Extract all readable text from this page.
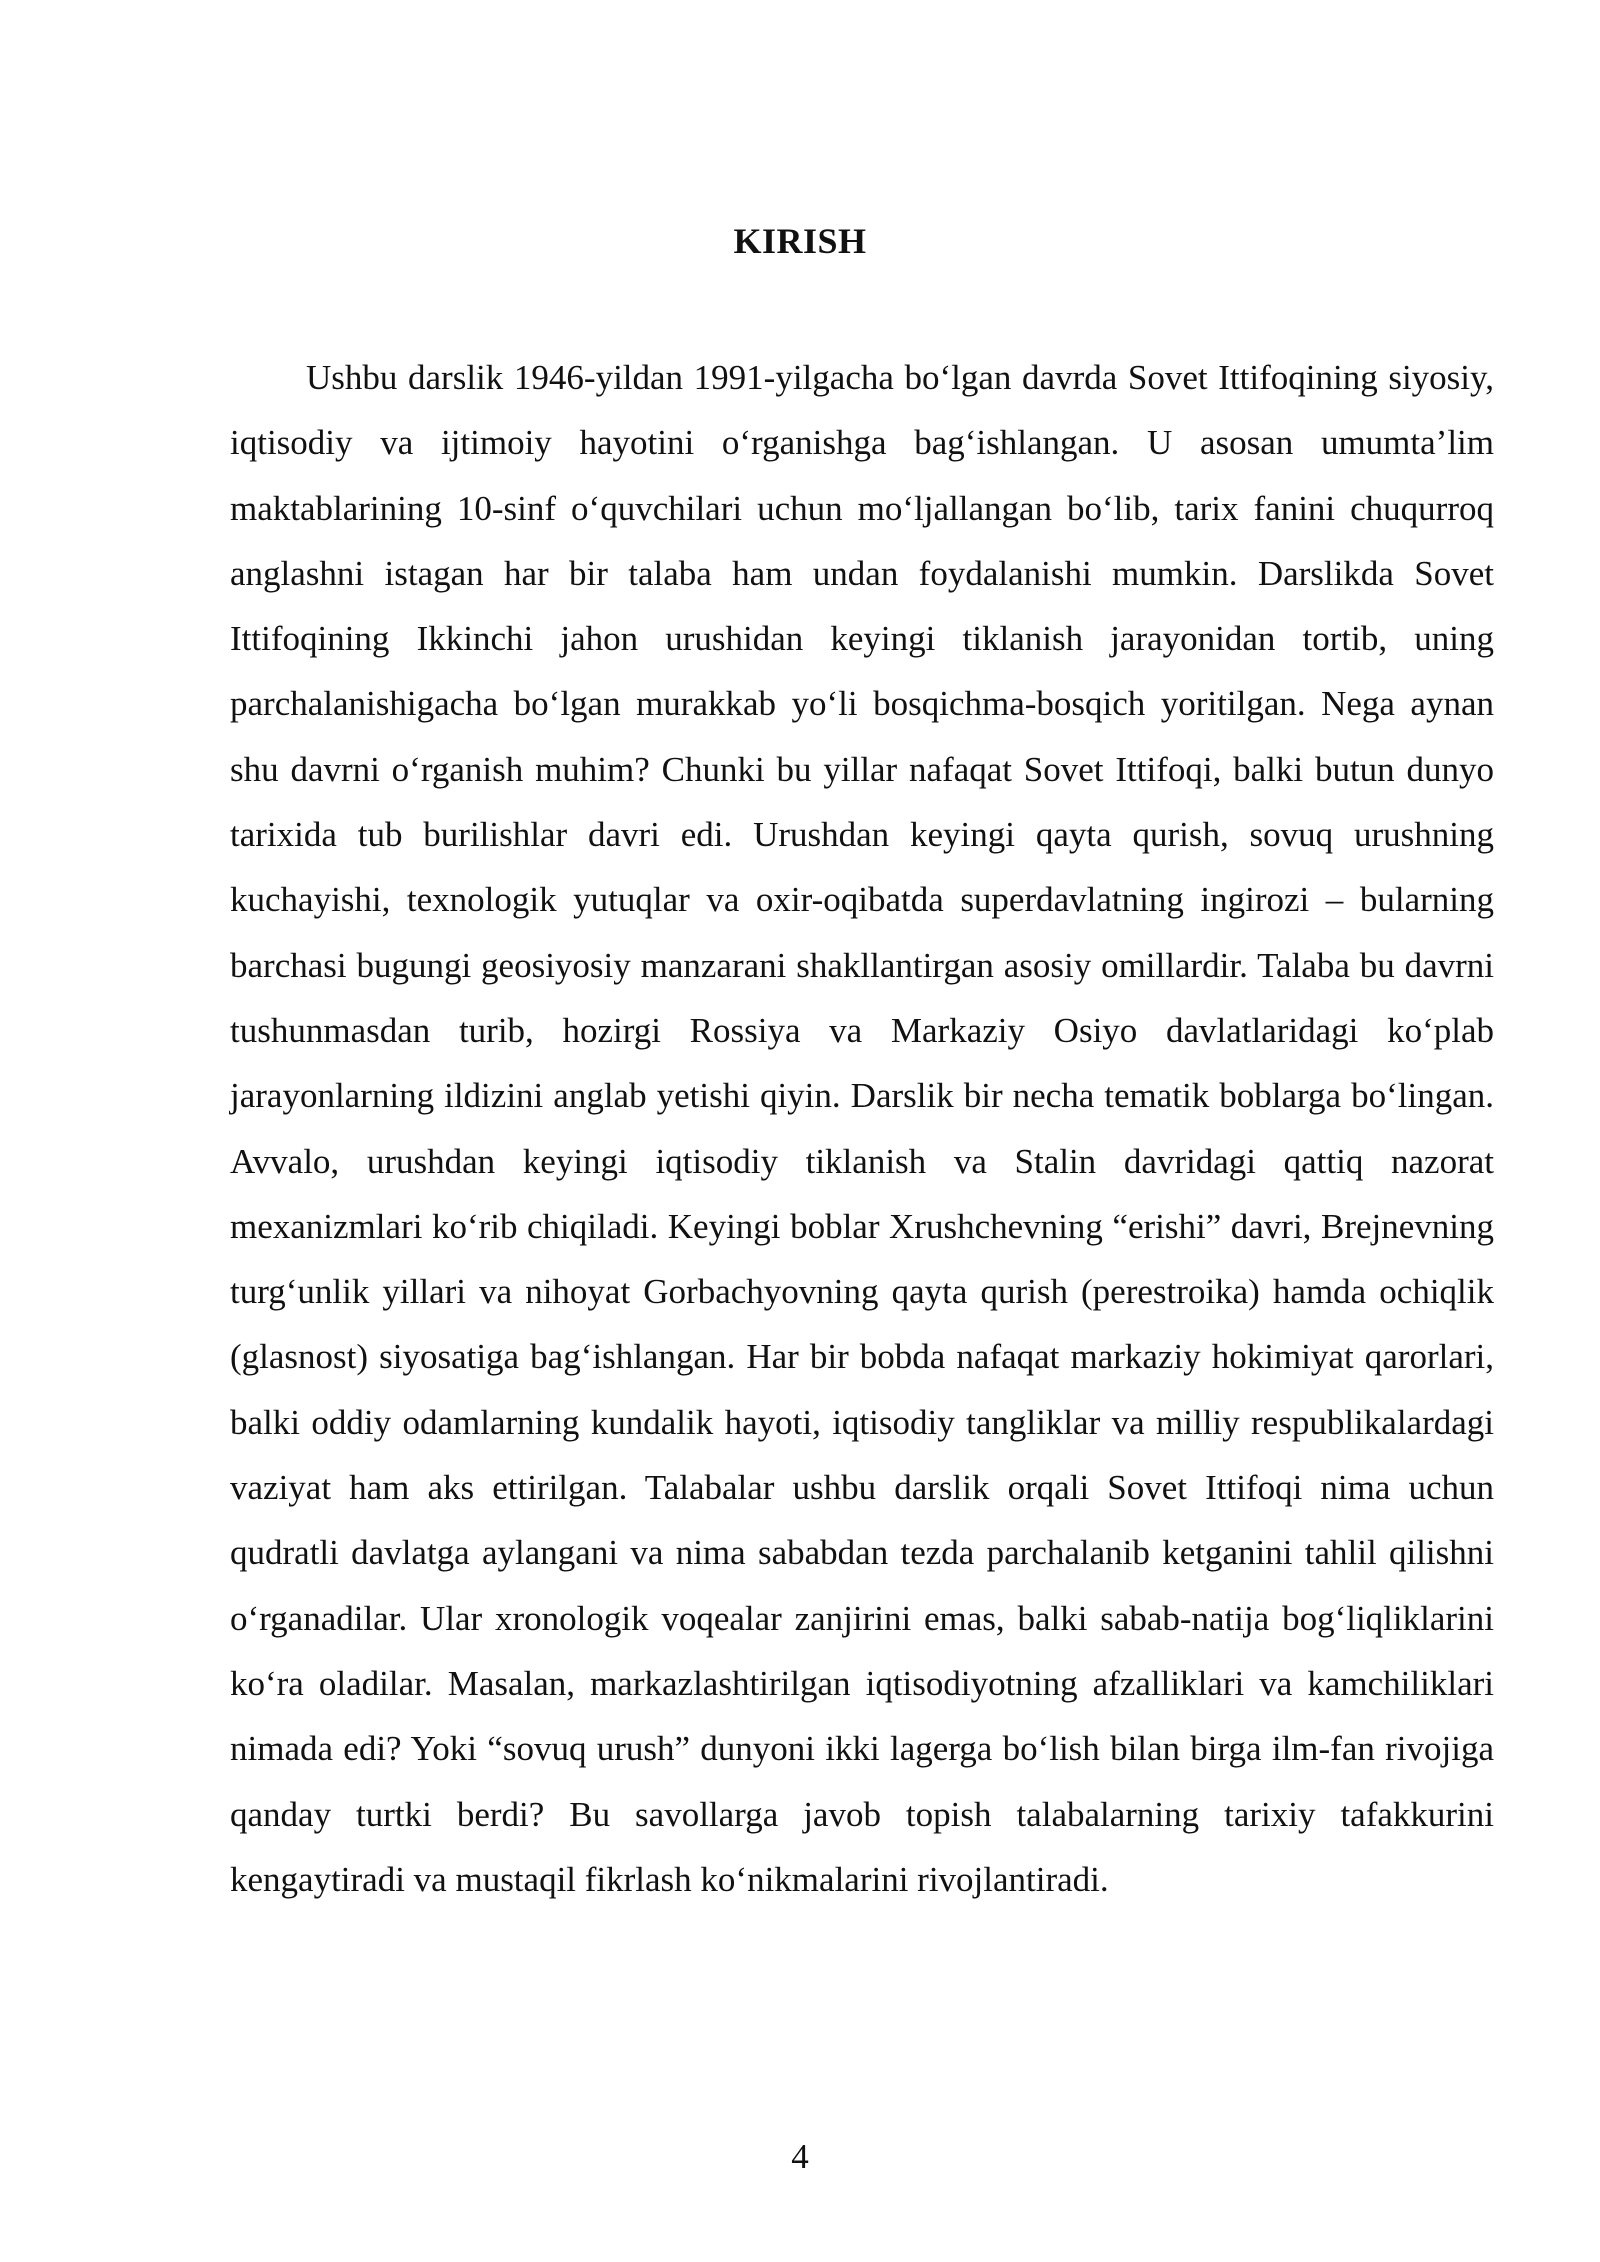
KIRISH

Ushbu darslik 1946-yildan 1991-yilgacha bo‘lgan davrda Sovet Ittifoqining siyosiy, iqtisodiy va ijtimoiy hayotini o‘rganishga bag‘ishlangan. U asosan umumta’lim maktablarining 10-sinf o‘quvchilari uchun mo‘ljallangan bo‘lib, tarix fanini chuqurroq anglashni istagan har bir talaba ham undan foydalanishi mumkin. Darslikda Sovet Ittifoqining Ikkinchi jahon urushidan keyingi tiklanish jarayonidan tortib, uning parchalanishigacha bo‘lgan murakkab yo‘li bosqichma-bosqich yoritilgan. Nega aynan shu davrni o‘rganish muhim? Chunki bu yillar nafaqat Sovet Ittifoqi, balki butun dunyo tarixida tub burilishlar davri edi. Urushdan keyingi qayta qurish, sovuq urushning kuchayishi, texnologik yutuqlar va oxir-oqibatda superdavlatning ingirozi – bularning barchasi bugungi geosiyosiy manzarani shakllantirgan asosiy omillardir. Talaba bu davrni tushunmasdan turib, hozirgi Rossiya va Markaziy Osiyo davlatlaridagi ko‘plab jarayonlarning ildizini anglab yetishi qiyin. Darslik bir necha tematik boblarga bo‘lingan. Avvalo, urushdan keyingi iqtisodiy tiklanish va Stalin davridagi qattiq nazorat mexanizmlari ko‘rib chiqiladi. Keyingi boblar Xrushchevning “erishi” davri, Brejnevning turg‘unlik yillari va nihoyat Gorbachyovning qayta qurish (perestroika) hamda ochiqlik (glasnost) siyosatiga bag‘ishlangan. Har bir bobda nafaqat markaziy hokimiyat qarorlari, balki oddiy odamlarning kundalik hayoti, iqtisodiy tangliklar va milliy respublikalardagi vaziyat ham aks ettirilgan. Talabalar ushbu darslik orqali Sovet Ittifoqi nima uchun qudratli davlatga aylangani va nima sababdan tezda parchalanib ketganini tahlil qilishni o‘rganadilar. Ular xronologik voqealar zanjirini emas, balki sabab-natija bog‘liqliklarini ko‘ra oladilar. Masalan, markazlashtirilgan iqtisodiyotning afzalliklari va kamchiliklari nimada edi? Yoki “sovuq urush” dunyoni ikki lagerga bo‘lish bilan birga ilm-fan rivojiga qanday turtki berdi? Bu savollarga javob topish talabalarning tarixiy tafakkurini kengaytiradi va mustaqil fikrlash ko‘nikmalarini rivojlantiradi.

4
